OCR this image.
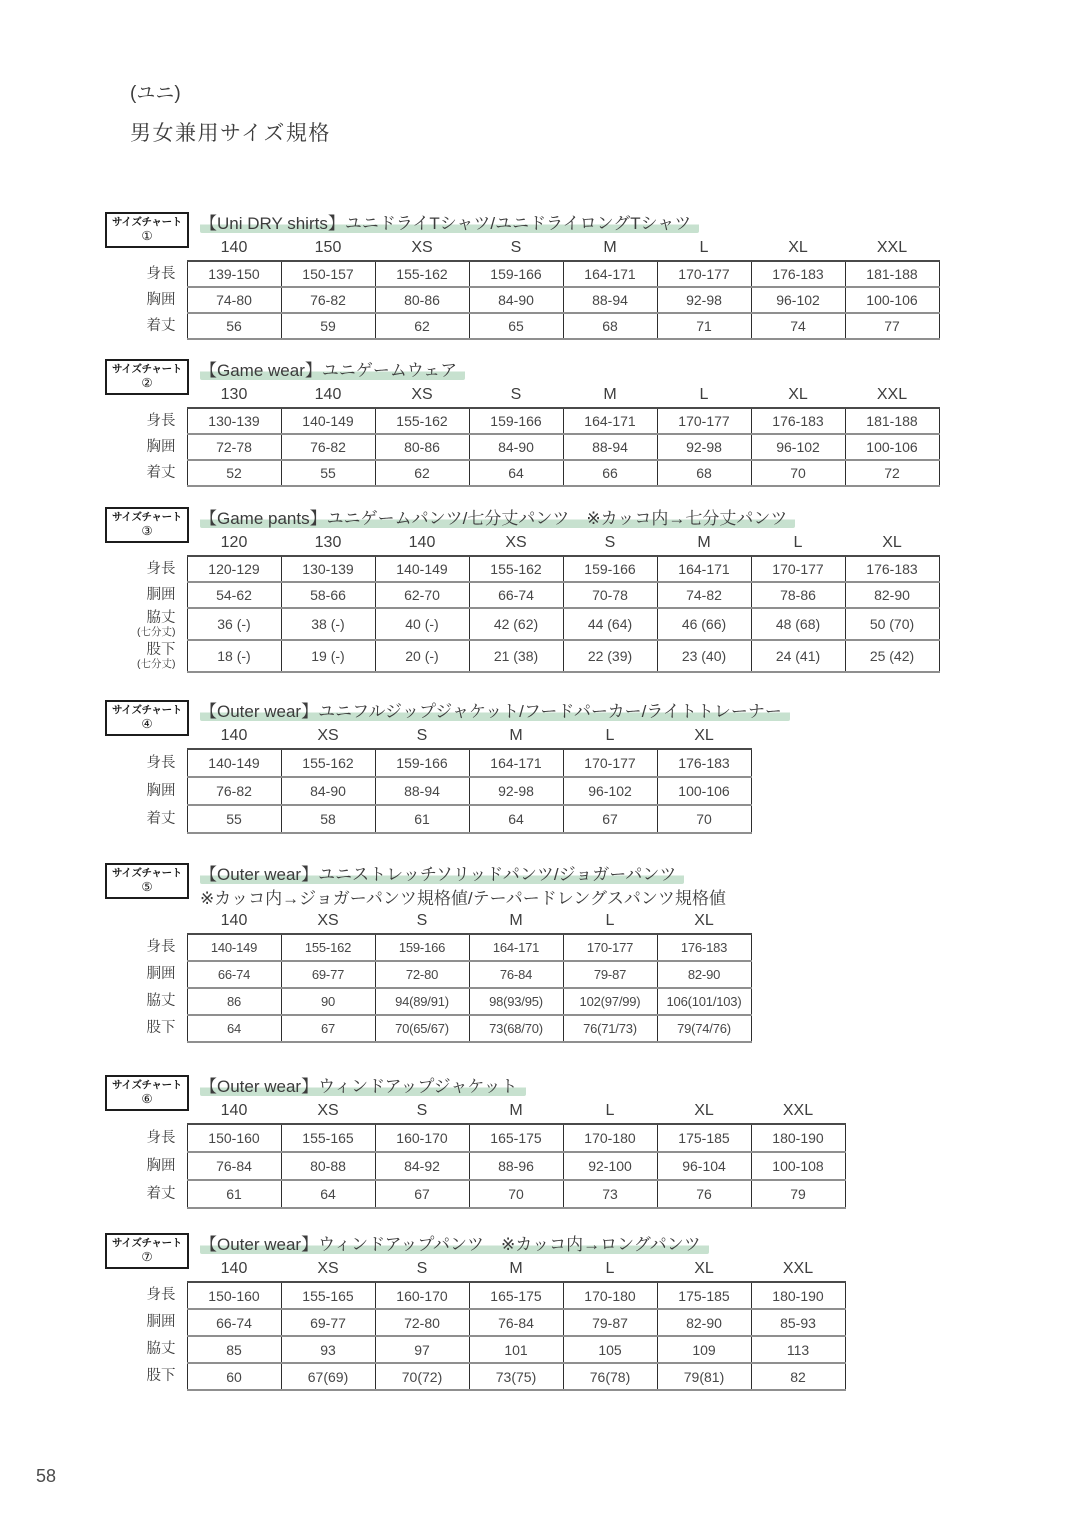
(ユニ)
男女兼用サイズ規格
サイズチャート
①
【Uni DRY shirts】ユニドライTシャツ/ユニドライロングTシャツ
	140	150	XS	S	M	L	XL	XXL
身長	139-150	150-157	155-162	159-166	164-171	170-177	176-183	181-188
胸囲	74-80	76-82	80-86	84-90	88-94	92-98	96-102	100-106
着丈	56	59	62	65	68	71	74	77
サイズチャート
②
【Game wear】ユニゲームウェア
	130	140	XS	S	M	L	XL	XXL
身長	130-139	140-149	155-162	159-166	164-171	170-177	176-183	181-188
胸囲	72-78	76-82	80-86	84-90	88-94	92-98	96-102	100-106
着丈	52	55	62	64	66	68	70	72
サイズチャート
③
【Game pants】ユニゲームパンツ/七分丈パンツ　※カッコ内→七分丈パンツ
	120	130	140	XS	S	M	L	XL
身長	120-129	130-139	140-149	155-162	159-166	164-171	170-177	176-183
胴囲	54-62	58-66	62-70	66-74	70-78	74-82	78-86	82-90
脇丈
(七分丈)	36 (-)	38 (-)	40 (-)	42 (62)	44 (64)	46 (66)	48 (68)	50 (70)
股下
(七分丈)	18 (-)	19 (-)	20 (-)	21 (38)	22 (39)	23 (40)	24 (41)	25 (42)
サイズチャート
④
【Outer wear】ユニフルジップジャケット/フードパーカー/ライトトレーナー
	140	XS	S	M	L	XL
身長	140-149	155-162	159-166	164-171	170-177	176-183
胸囲	76-82	84-90	88-94	92-98	96-102	100-106
着丈	55	58	61	64	67	70
サイズチャート
⑤
【Outer wear】ユニストレッチソリッドパンツ/ジョガーパンツ
※カッコ内→ジョガーパンツ規格値/テーパードレングスパンツ規格値
	140	XS	S	M	L	XL
身長	140-149	155-162	159-166	164-171	170-177	176-183
胴囲	66-74	69-77	72-80	76-84	79-87	82-90
脇丈	86	90	94(89/91)	98(93/95)	102(97/99)	106(101/103)
股下	64	67	70(65/67)	73(68/70)	76(71/73)	79(74/76)
サイズチャート
⑥
【Outer wear】ウィンドアップジャケット
	140	XS	S	M	L	XL	XXL
身長	150-160	155-165	160-170	165-175	170-180	175-185	180-190
胸囲	76-84	80-88	84-92	88-96	92-100	96-104	100-108
着丈	61	64	67	70	73	76	79
サイズチャート
⑦
【Outer wear】ウィンドアップパンツ　※カッコ内→ロングパンツ
	140	XS	S	M	L	XL	XXL
身長	150-160	155-165	160-170	165-175	170-180	175-185	180-190
胴囲	66-74	69-77	72-80	76-84	79-87	82-90	85-93
脇丈	85	93	97	101	105	109	113
股下	60	67(69)	70(72)	73(75)	76(78)	79(81)	82
58
